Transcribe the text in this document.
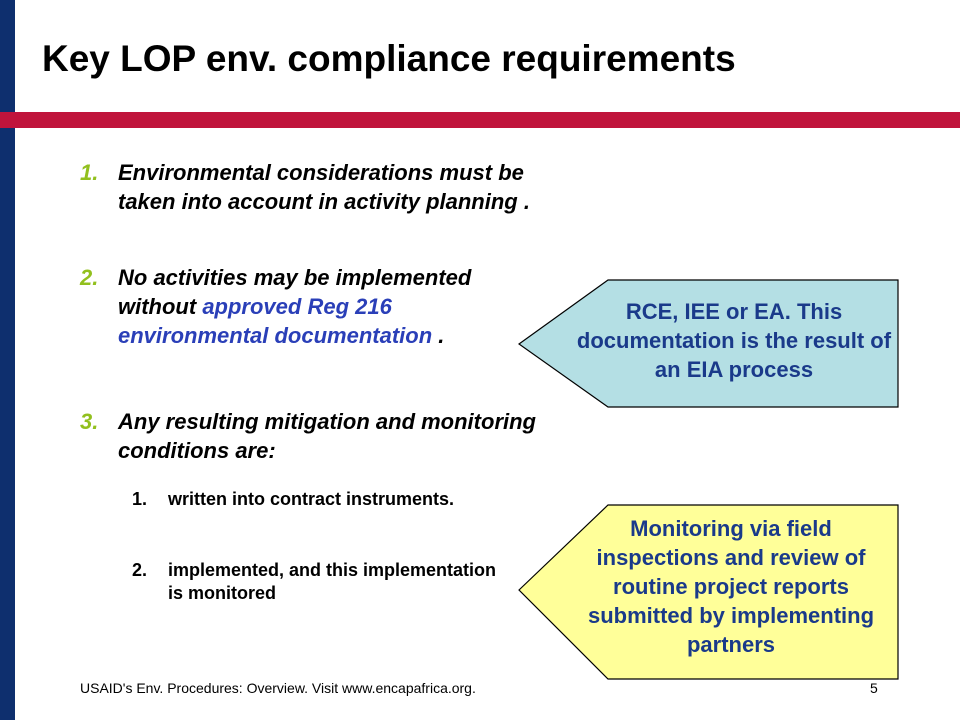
Key LOP env. compliance requirements
1. Environmental considerations must be taken into account in activity planning .
2. No activities may be implemented without approved Reg 216 environmental documentation .
3. Any resulting mitigation and monitoring conditions are:
1. written into contract instruments.
2. implemented, and this implementation is monitored
RCE, IEE or EA. This documentation is the result of an EIA process
Monitoring via field inspections and review of routine project reports submitted by implementing partners
USAID's Env. Procedures: Overview. Visit www.encapafrica.org.	5
